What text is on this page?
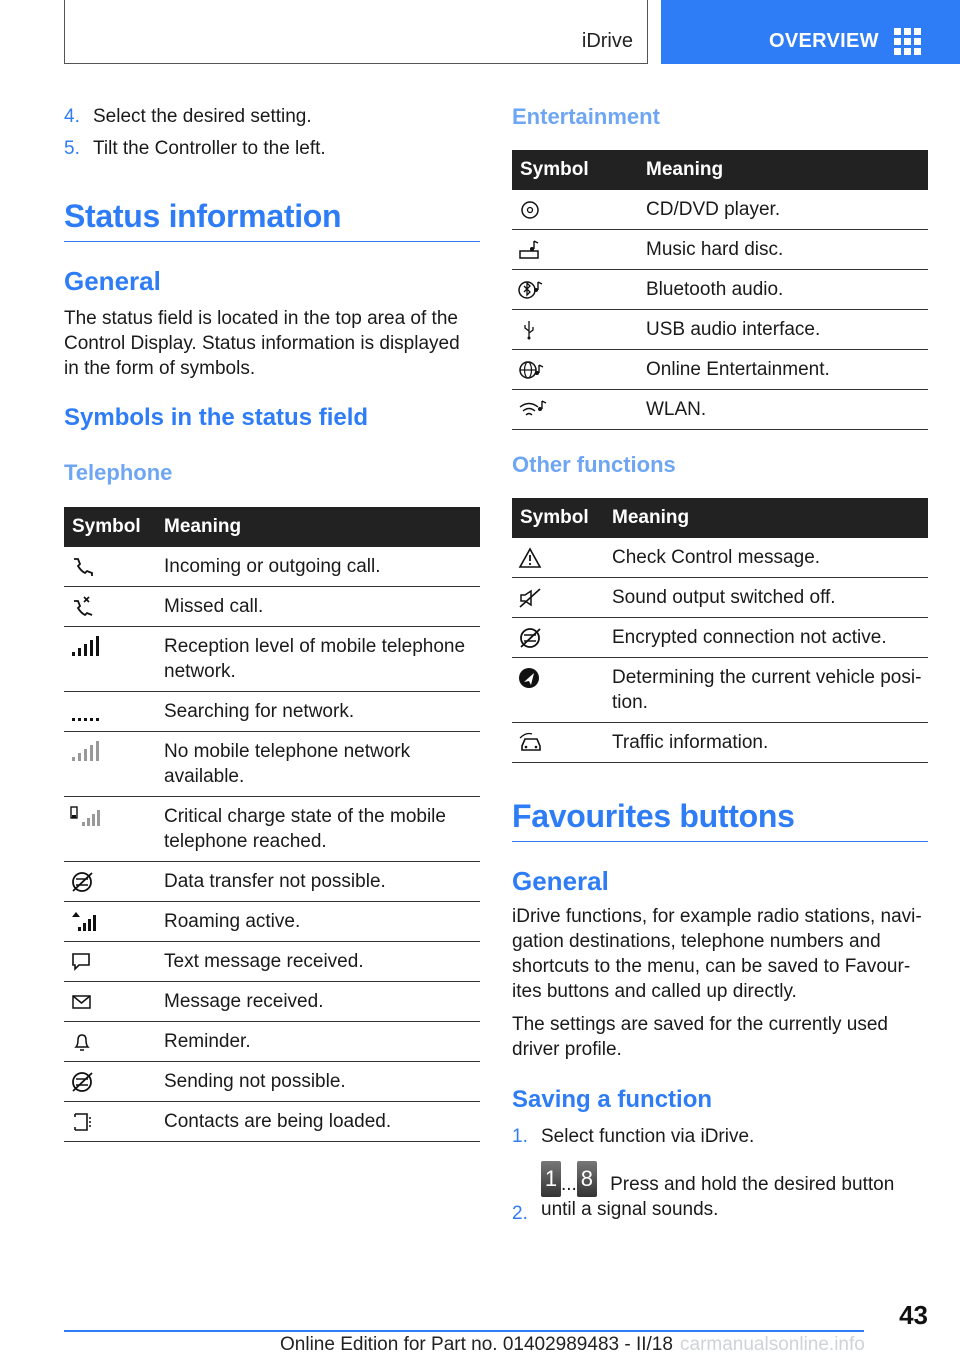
iDrive	OVERVIEW
4. Select the desired setting.
5. Tilt the Controller to the left.
Status information
General

The status field is located in the top area of the Control Display. Status information is displayed in the form of symbols.

Symbols in the status field
Telephone
Symbol	Meaning

	Incoming or outgoing call.

	Missed call.

	Reception level of mobile telephone network.

	Searching for network.

	No mobile telephone network available.

	Critical charge state of the mobile telephone reached.

	Data transfer not possible.

	Roaming active.

	Text message received.

	Message received.

	Reminder.

	Sending not possible.

	Contacts are being loaded.
Entertainment
Symbol	Meaning

	CD/DVD player.

	Music hard disc.

	Bluetooth audio.

	USB audio interface.

	Online Entertainment.

	WLAN.
Other functions
Symbol	Meaning

	Check Control message.

	Sound output switched off.

	Encrypted connection not active.

	Determining the current vehicle posi-tion.

	Traffic information.
Favourites buttons
General

iDrive functions, for example radio stations, navi-gation destinations, telephone numbers and shortcuts to the menu, can be saved to Favour-ites buttons and called up directly.

The settings are saved for the currently used driver profile.

Saving a function
1. Select function via iDrive.
2.
1 ... 8 Press and hold the desired button until a signal sounds.
43
Online Edition for Part no. 01402989483 - II/18 carmanualsonline.info
